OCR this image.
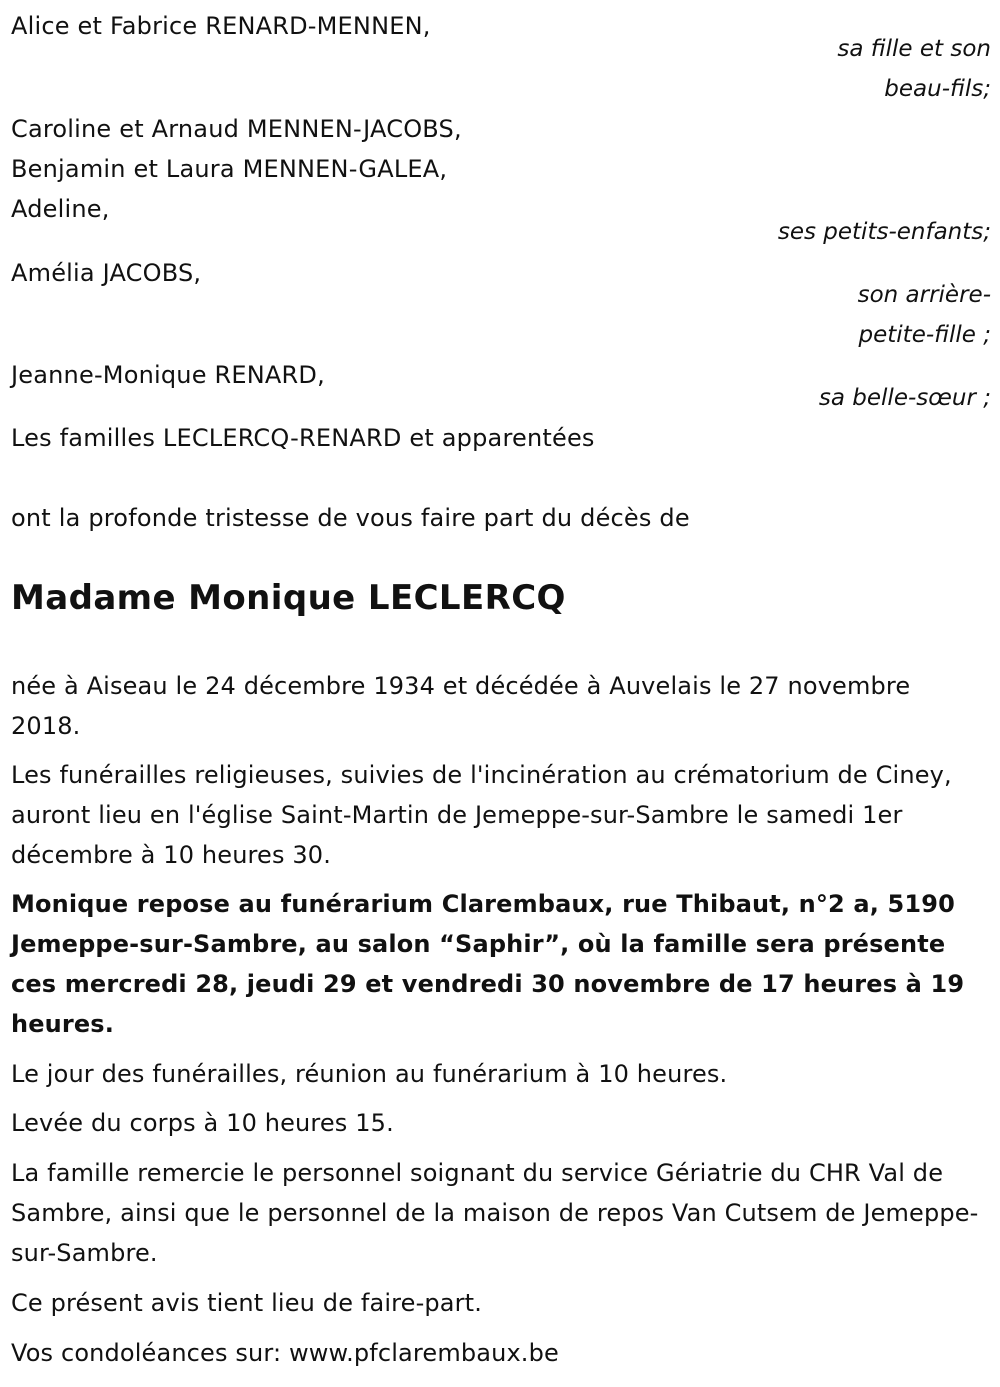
Alice et Fabrice RENARD-MENNEN,
sa fille et son
beau-fils;
Caroline et Arnaud MENNEN-JACOBS,
Benjamin et Laura MENNEN-GALEA,
Adeline,
ses petits-enfants;
Amélia JACOBS,
son arrière-
petite-fille ;
Jeanne-Monique RENARD,
sa belle-sœur ;
Les familles LECLERCQ-RENARD et apparentées
ont la profonde tristesse de vous faire part du décès de
Madame Monique LECLERCQ
née à Aiseau le 24 décembre 1934 et décédée à Auvelais le 27 novembre 2018.
Les funérailles religieuses, suivies de l'incinération au crématorium de Ciney, auront lieu en l'église Saint-Martin de Jemeppe-sur-Sambre le samedi 1er décembre à 10 heures 30.
Monique repose au funérarium Clarembaux, rue Thibaut, n°2 a, 5190 Jemeppe-sur-Sambre, au salon “Saphir”, où la famille sera présente ces mercredi 28, jeudi 29 et vendredi 30 novembre de 17 heures à 19 heures.
Le jour des funérailles, réunion au funérarium à 10 heures.
Levée du corps à 10 heures 15.
La famille remercie le personnel soignant du service Gériatrie du CHR Val de Sambre, ainsi que le personnel de la maison de repos Van Cutsem de Jemeppe-sur-Sambre.
Ce présent avis tient lieu de faire-part.
Vos condoléances sur: www.pfclarembaux.be
